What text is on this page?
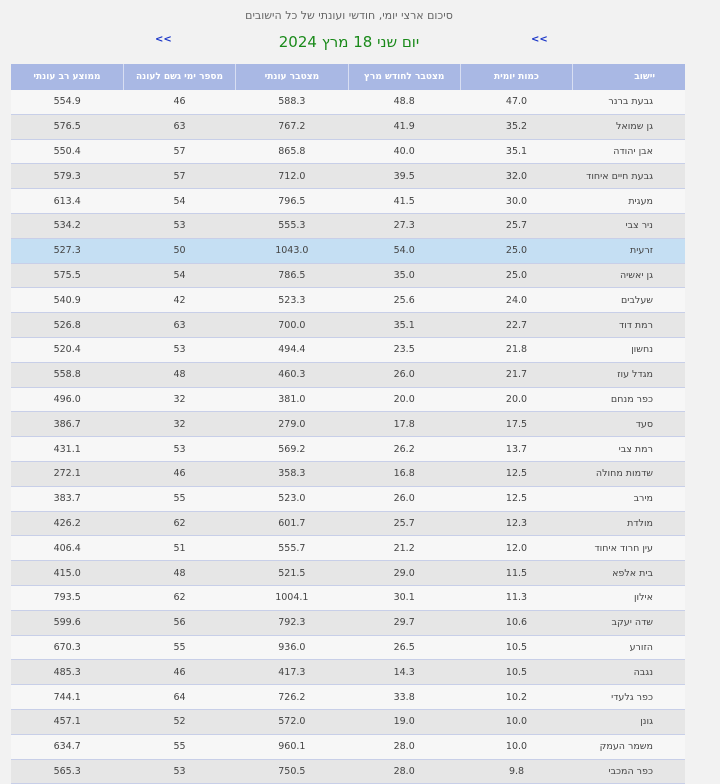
סיכום ארצי יומי, חודשי ועונתי של כל הישובים
<<	יום שני 18 מרץ 2024	<<
יישוב	כמות יומית	מצטבר לחודש מרץ	מצטבר עונתי	מספר ימי גשם לעונה	ממוצע רב עונתי
גבעת ברנר	47.0	48.8	588.3	46	554.9
גן שמואל	35.2	41.9	767.2	63	576.5
אבן יהודה	35.1	40.0	865.8	57	550.4
גבעת חיים איחוד	32.0	39.5	712.0	57	579.3
מעגית	30.0	41.5	796.5	54	613.4
ניר צבי	25.7	27.3	555.3	53	534.2
זרעית	25.0	54.0	1043.0	50	527.3
גן יאשיה	25.0	35.0	786.5	54	575.5
שעלבים	24.0	25.6	523.3	42	540.9
רמת דוד	22.7	35.1	700.0	63	526.8
נחשון	21.8	23.5	494.4	53	520.4
מגדל עוז	21.7	26.0	460.3	48	558.8
כפר מנחם	20.0	20.0	381.0	32	496.0
סעד	17.5	17.8	279.0	32	386.7
רמת צבי	13.7	26.2	569.2	53	431.1
שדמות מחולה	12.5	16.8	358.3	46	272.1
מירב	12.5	26.0	523.0	55	383.7
מולדת	12.3	25.7	601.7	62	426.2
עין חרוד איחוד	12.0	21.2	555.7	51	406.4
בית אלפא	11.5	29.0	521.5	48	415.0
אילון	11.3	30.1	1004.1	62	793.5
שדה יעקב	10.6	29.7	792.3	56	599.6
הזורע	10.5	26.5	936.0	55	670.3
נגבה	10.5	14.3	417.3	46	485.3
כפר גלעדי	10.2	33.8	726.2	64	744.1
גונן	10.0	19.0	572.0	52	457.1
משמר העמק	10.0	28.0	960.1	55	634.7
כפר המכבי	9.8	28.0	750.5	53	565.3
